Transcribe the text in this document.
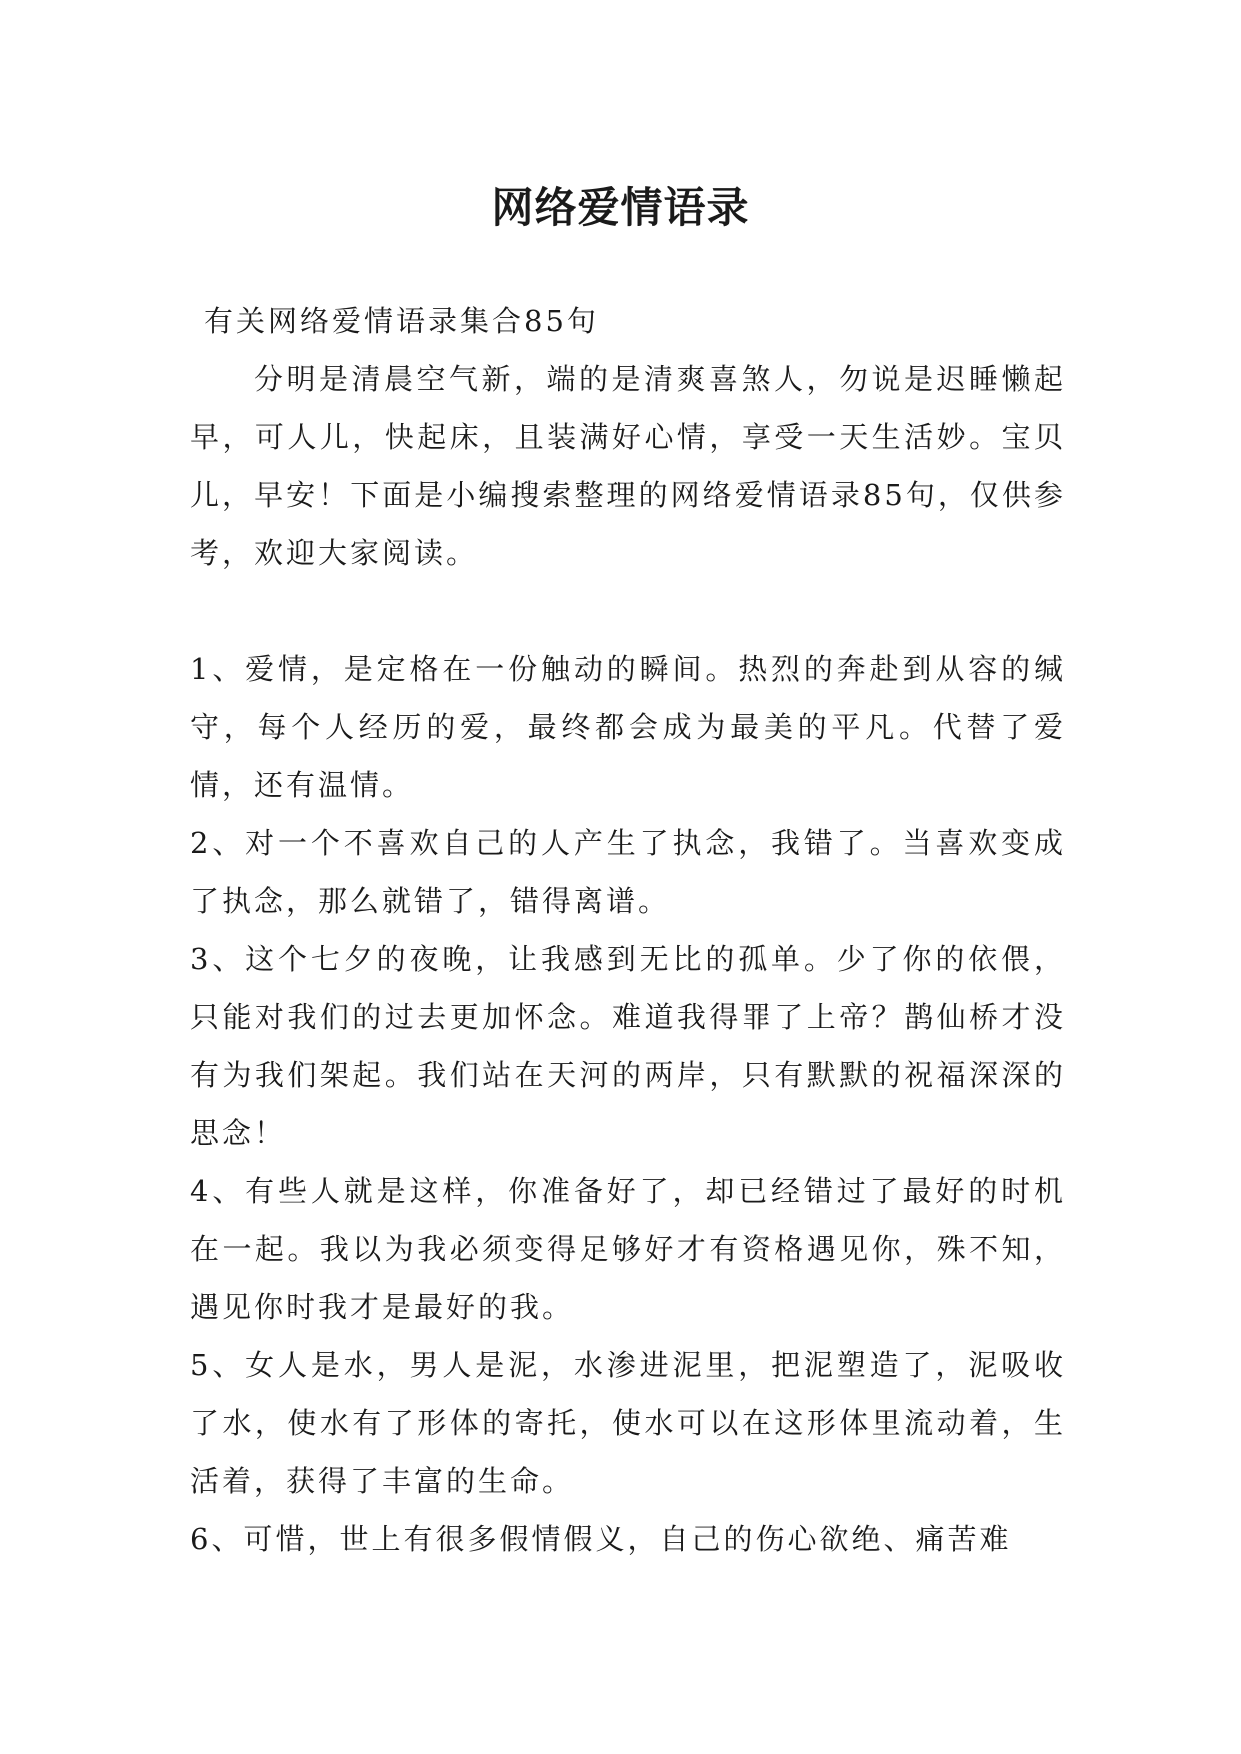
网络爱情语录

有关网络爱情语录集合85句

分明是清晨空气新，端的是清爽喜煞人，勿说是迟睡懒起早，可人儿，快起床，且装满好心情，享受一天生活妙。宝贝儿，早安！下面是小编搜索整理的网络爱情语录85句，仅供参考，欢迎大家阅读。

1、爱情，是定格在一份触动的瞬间。热烈的奔赴到从容的缄守，每个人经历的爱，最终都会成为最美的平凡。代替了爱情，还有温情。
2、对一个不喜欢自己的人产生了执念，我错了。当喜欢变成了执念，那么就错了，错得离谱。
3、这个七夕的夜晚，让我感到无比的孤单。少了你的依偎，只能对我们的过去更加怀念。难道我得罪了上帝？鹊仙桥才没有为我们架起。我们站在天河的两岸，只有默默的祝福深深的思念！
4、有些人就是这样，你准备好了，却已经错过了最好的时机在一起。我以为我必须变得足够好才有资格遇见你，殊不知，遇见你时我才是最好的我。
5、女人是水，男人是泥，水渗进泥里，把泥塑造了，泥吸收了水，使水有了形体的寄托，使水可以在这形体里流动着，生活着，获得了丰富的生命。
6、可惜，世上有很多假情假义，自己的伤心欲绝、痛苦难
